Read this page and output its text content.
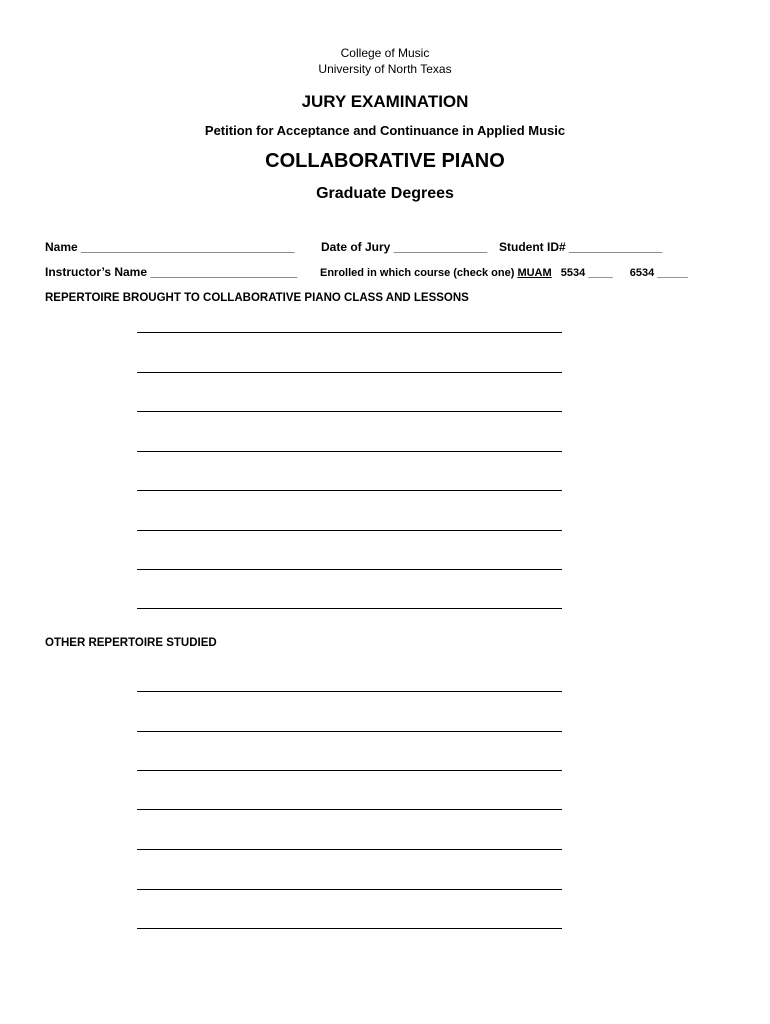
College of Music
University of North Texas
JURY EXAMINATION
Petition for Acceptance and Continuance in Applied Music
COLLABORATIVE PIANO
Graduate Degrees
Name ________________________________ Date of Jury ______________ Student ID# ______________
Instructor’s Name ______________________ Enrolled in which course (check one) MUAM 5534 ____ 6534 _____
REPERTOIRE BROUGHT TO COLLABORATIVE PIANO CLASS AND LESSONS
OTHER REPERTOIRE STUDIED
